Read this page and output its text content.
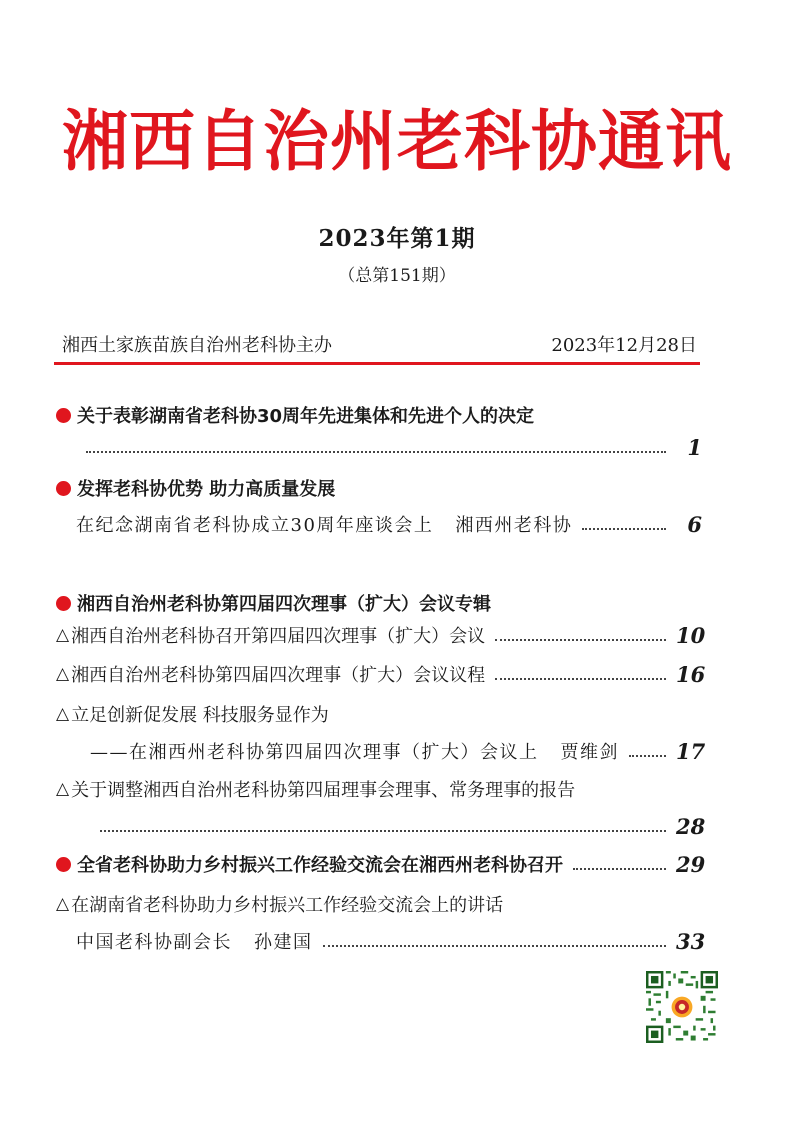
湘西自治州老科协通讯
2023年第1期
（总第151期）
湘西土家族苗族自治州老科协主办	2023年12月28日
关于表彰湖南省老科协30周年先进集体和先进个人的决定
1
发挥老科协优势 助力高质量发展
在纪念湖南省老科协成立30周年座谈会上 湘西州老科协	6
湘西自治州老科协第四届四次理事（扩大）会议专辑
△ 湘西自治州老科协召开第四届四次理事（扩大）会议	10
△ 湘西自治州老科协第四届四次理事（扩大）会议议程	16
△ 立足创新促发展 科技服务显作为
——在湘西州老科协第四届四次理事（扩大）会议上 贾维剑	17
△ 关于调整湘西自治州老科协第四届理事会理事、常务理事的报告
28
全省老科协助力乡村振兴工作经验交流会在湘西州老科协召开	29
△ 在湖南省老科协助力乡村振兴工作经验交流会上的讲话
中国老科协副会长 孙建国	33
